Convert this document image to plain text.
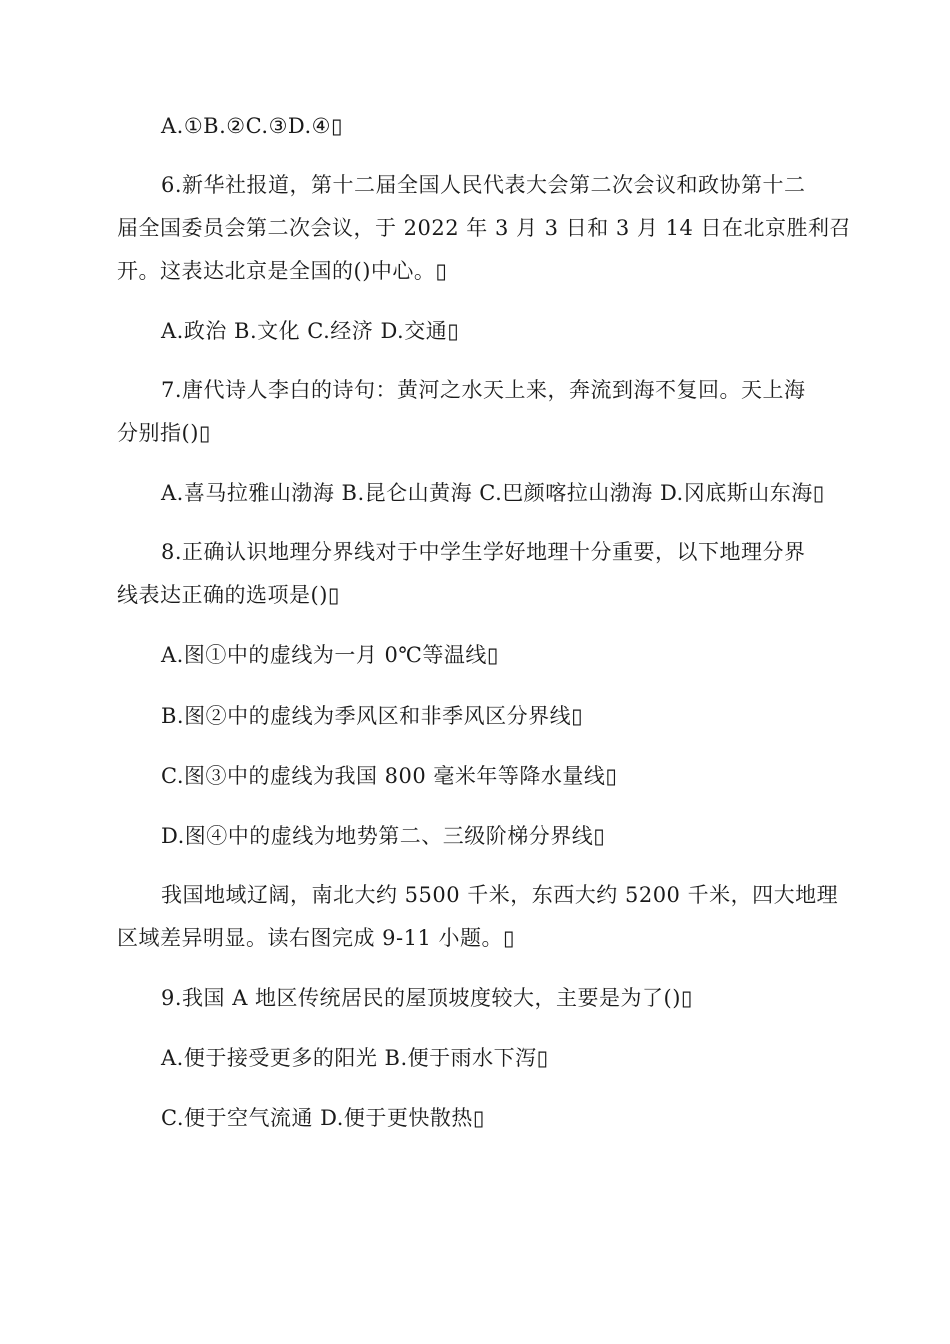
A.①B.②C.③D.④▯
6.新华社报道，第十二届全国人民代表大会第二次会议和政协第十二
届全国委员会第二次会议，于 2022 年 3 月 3 日和 3 月 14 日在北京胜利召
开。这表达北京是全国的()中心。▯
A.政治 B.文化 C.经济 D.交通▯
7.唐代诗人李白的诗句：黄河之水天上来，奔流到海不复回。天上海
分别指()▯
A.喜马拉雅山渤海 B.昆仑山黄海 C.巴颜喀拉山渤海 D.冈底斯山东海▯
8.正确认识地理分界线对于中学生学好地理十分重要，以下地理分界
线表达正确的选项是()▯
A.图①中的虚线为一月 0℃等温线▯
B.图②中的虚线为季风区和非季风区分界线▯
C.图③中的虚线为我国 800 毫米年等降水量线▯
D.图④中的虚线为地势第二、三级阶梯分界线▯
我国地域辽阔，南北大约 5500 千米，东西大约 5200 千米，四大地理
区域差异明显。读右图完成 9-11 小题。▯
9.我国 A 地区传统居民的屋顶坡度较大，主要是为了()▯
A.便于接受更多的阳光 B.便于雨水下泻▯
C.便于空气流通 D.便于更快散热▯
